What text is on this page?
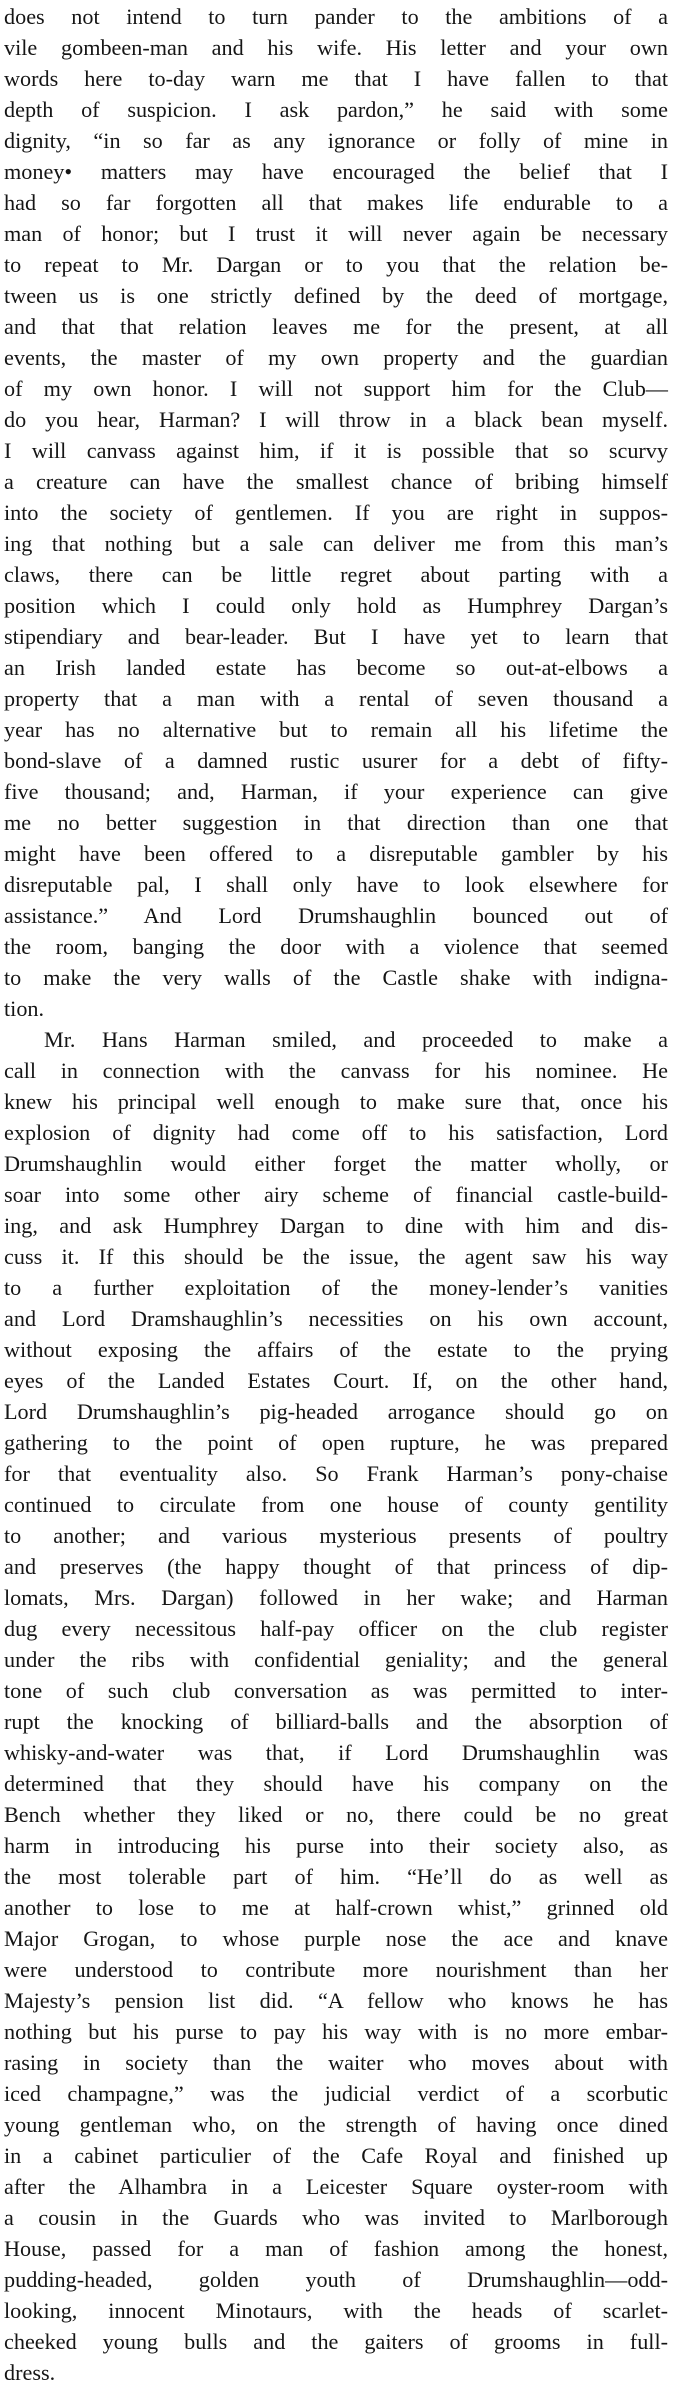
does not intend to turn pander to the ambitions of a
vile gombeen-man and his wife. His letter and your own
words here to-day warn me that I have fallen to that
depth of suspicion. I ask pardon,” he said with some
dignity, “in so far as any ignorance or folly of mine in
money• matters may have encouraged the belief that I
had so far forgotten all that makes life endurable to a
man of honor; but I trust it will never again be necessary
to repeat to Mr. Dargan or to you that the relation be-
tween us is one strictly defined by the deed of mortgage,
and that that relation leaves me for the present, at all
events, the master of my own property and the guardian
of my own honor. I will not support him for the Club—
do you hear, Harman? I will throw in a black bean myself.
I will canvass against him, if it is possible that so scurvy
a creature can have the smallest chance of bribing himself
into the society of gentlemen. If you are right in suppos-
ing that nothing but a sale can deliver me from this man’s
claws, there can be little regret about parting with a
position which I could only hold as Humphrey Dargan’s
stipendiary and bear-leader. But I have yet to learn that
an Irish landed estate has become so out-at-elbows a
property that a man with a rental of seven thousand a
year has no alternative but to remain all his lifetime the
bond-slave of a damned rustic usurer for a debt of fifty-
five thousand; and, Harman, if your experience can give
me no better suggestion in that direction than one that
might have been offered to a disreputable gambler by his
disreputable pal, I shall only have to look elsewhere for
assistance.” And Lord Drumshaughlin bounced out of
the room, banging the door with a violence that seemed
to make the very walls of the Castle shake with indigna-
tion.
Mr. Hans Harman smiled, and proceeded to make a
call in connection with the canvass for his nominee. He
knew his principal well enough to make sure that, once his
explosion of dignity had come off to his satisfaction, Lord
Drumshaughlin would either forget the matter wholly, or
soar into some other airy scheme of financial castle-build-
ing, and ask Humphrey Dargan to dine with him and dis-
cuss it. If this should be the issue, the agent saw his way
to a further exploitation of the money-lender’s vanities
and Lord Dramshaughlin’s necessities on his own account,
without exposing the affairs of the estate to the prying
eyes of the Landed Estates Court. If, on the other hand,
Lord Drumshaughlin’s pig-headed arrogance should go on
gathering to the point of open rupture, he was prepared
for that eventuality also. So Frank Harman’s pony-chaise
continued to circulate from one house of county gentility
to another; and various mysterious presents of poultry
and preserves (the happy thought of that princess of dip-
lomats, Mrs. Dargan) followed in her wake; and Harman
dug every necessitous half-pay officer on the club register
under the ribs with confidential geniality; and the general
tone of such club conversation as was permitted to inter-
rupt the knocking of billiard-balls and the absorption of
whisky-and-water was that, if Lord Drumshaughlin was
determined that they should have his company on the
Bench whether they liked or no, there could be no great
harm in introducing his purse into their society also, as
the most tolerable part of him. “He’ll do as well as
another to lose to me at half-crown whist,” grinned old
Major Grogan, to whose purple nose the ace and knave
were understood to contribute more nourishment than her
Majesty’s pension list did. “A fellow who knows he has
nothing but his purse to pay his way with is no more embar-
rasing in society than the waiter who moves about with
iced champagne,” was the judicial verdict of a scorbutic
young gentleman who, on the strength of having once dined
in a cabinet particulier of the Cafe Royal and finished up
after the Alhambra in a Leicester Square oyster-room with
a cousin in the Guards who was invited to Marlborough
House, passed for a man of fashion among the honest,
pudding-headed, golden youth of Drumshaughlin—odd-
looking, innocent Minotaurs, with the heads of scarlet-
cheeked young bulls and the gaiters of grooms in full-
dress.
